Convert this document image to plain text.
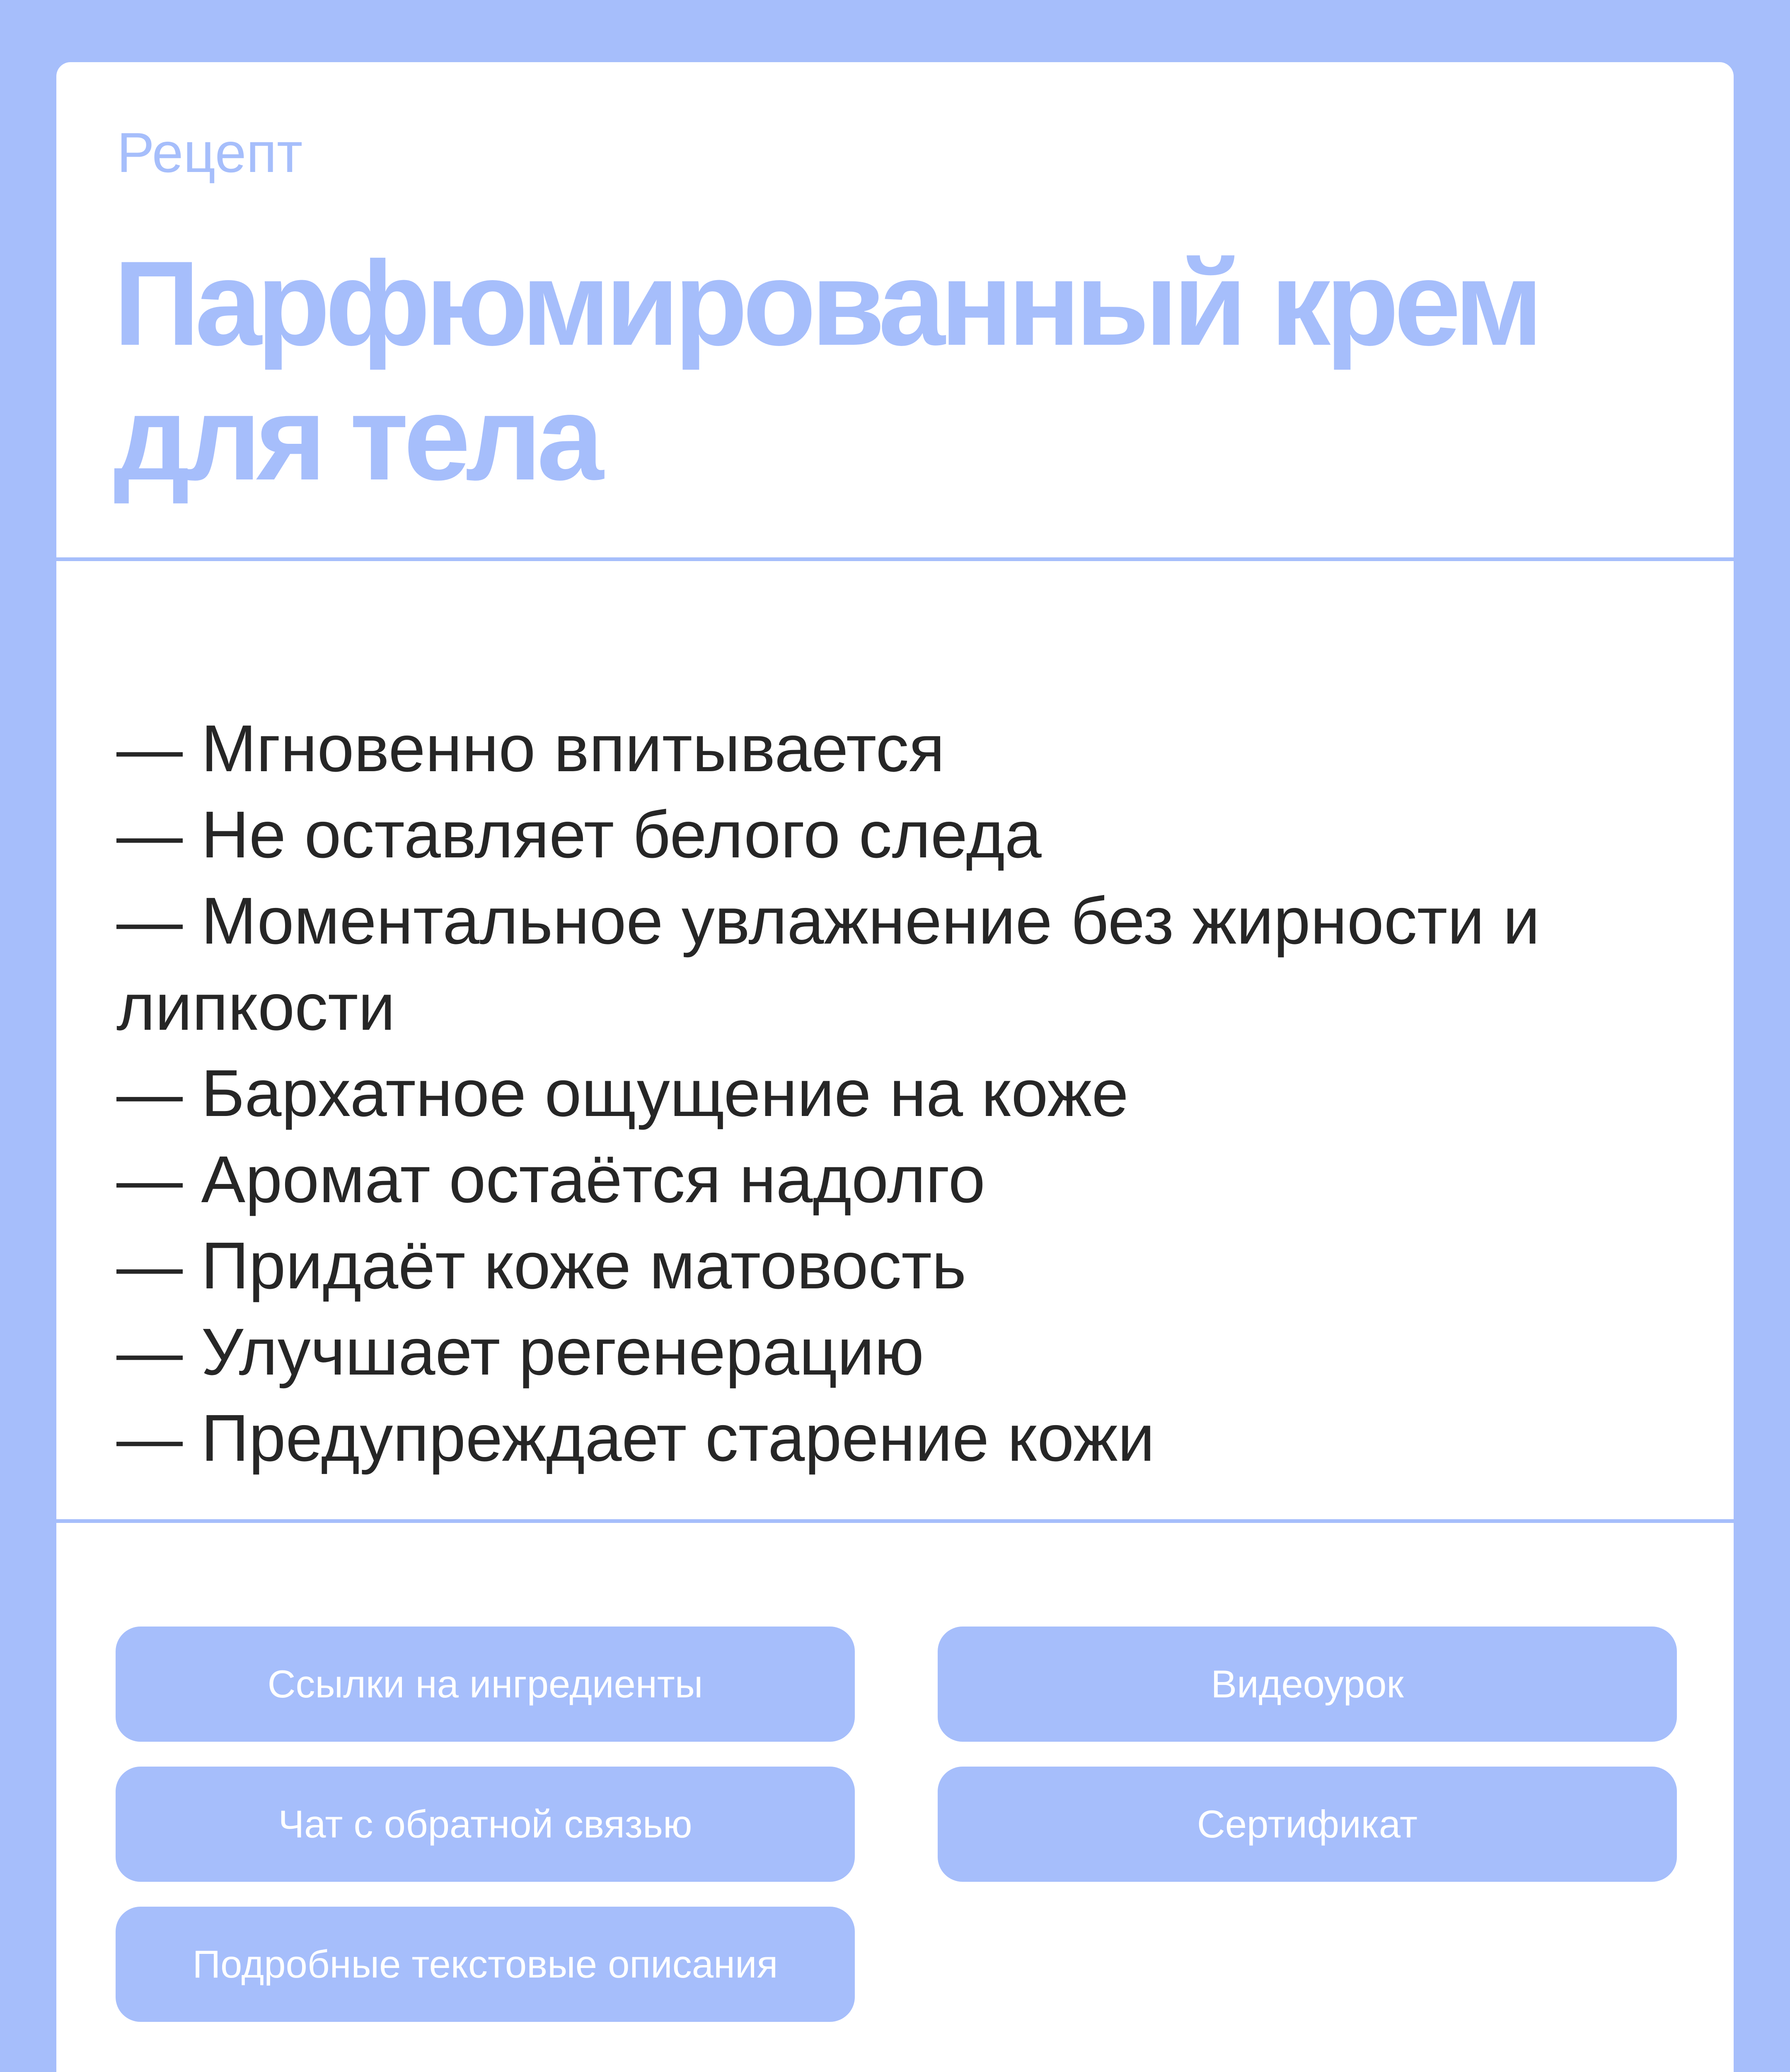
Рецепт
Парфюмированный крем
для тела
— Мгновенно впитывается
— Не оставляет белого следа
— Моментальное увлажнение без жирности и
липкости
— Бархатное ощущение на коже
— Аромат остаётся надолго
— Придаёт коже матовость
— Улучшает регенерацию
— Предупреждает старение кожи
Ссылки на ингредиенты	Видеоурок
Чат с обратной связью	Сертификат
Подробные текстовые описания
